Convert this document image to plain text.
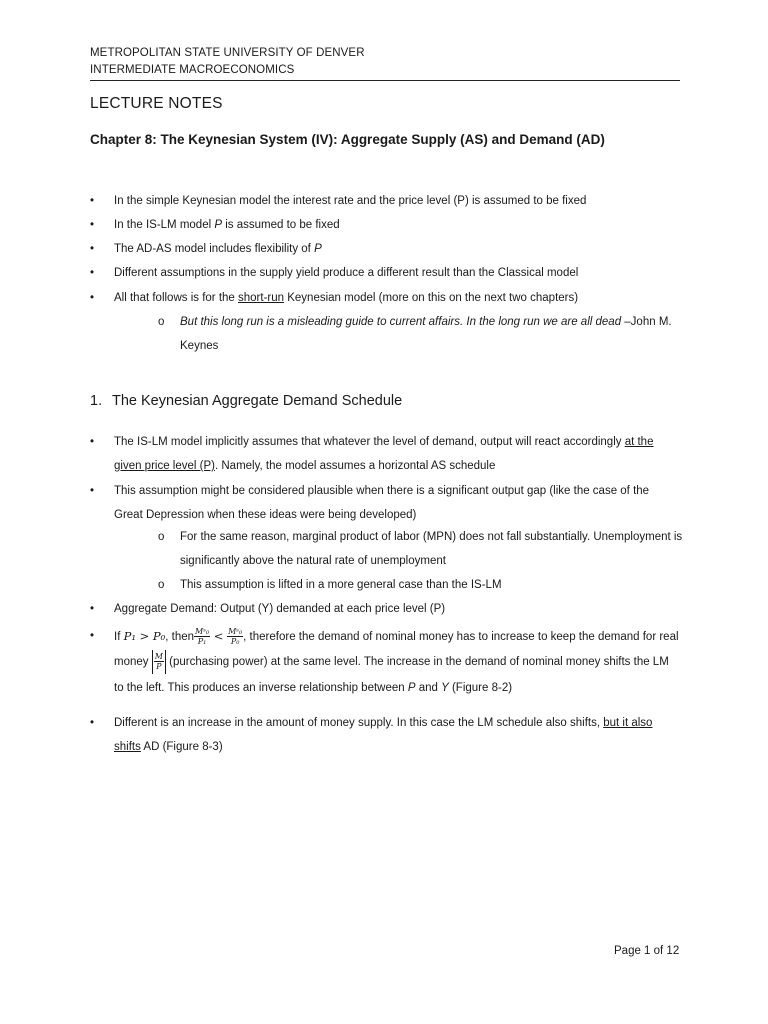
METROPOLITAN STATE UNIVERSITY OF DENVER
INTERMEDIATE MACROECONOMICS
LECTURE NOTES
Chapter 8: The Keynesian System (IV): Aggregate Supply (AS) and Demand (AD)
• In the simple Keynesian model the interest rate and the price level (P) is assumed to be fixed
• In the IS-LM model P is assumed to be fixed
• The AD-AS model includes flexibility of P
• Different assumptions in the supply yield produce a different result than the Classical model
• All that follows is for the short-run Keynesian model (more on this on the next two chapters)
o But this long run is a misleading guide to current affairs. In the long run we are all dead –John M. Keynes
1. The Keynesian Aggregate Demand Schedule
• The IS-LM model implicitly assumes that whatever the level of demand, output will react accordingly at the given price level (P). Namely, the model assumes a horizontal AS schedule
• This assumption might be considered plausible when there is a significant output gap (like the case of the Great Depression when these ideas were being developed)
o For the same reason, marginal product of labor (MPN) does not fall substantially. Unemployment is significantly above the natural rate of unemployment
o This assumption is lifted in a more general case than the IS-LM
• Aggregate Demand: Output (Y) demanded at each price level (P)
• If P₁ > P₀, then $\frac{\text{Mˢ₀}}{\text{P₁}} < \frac{\text{Mˢ₀}}{\text{P₀}}$ , therefore the demand of nominal money has to increase to keep the demand for real
money $\frac{M}{P}$ (purchasing power) at the same level. The increase in the demand of nominal money shifts the LM
to the left. This produces an inverse relationship between P and Y (Figure 8-2)
• Different is an increase in the amount of money supply. In this case the LM schedule also shifts, but it also shifts AD (Figure 8-3)
Page 1 of 12
